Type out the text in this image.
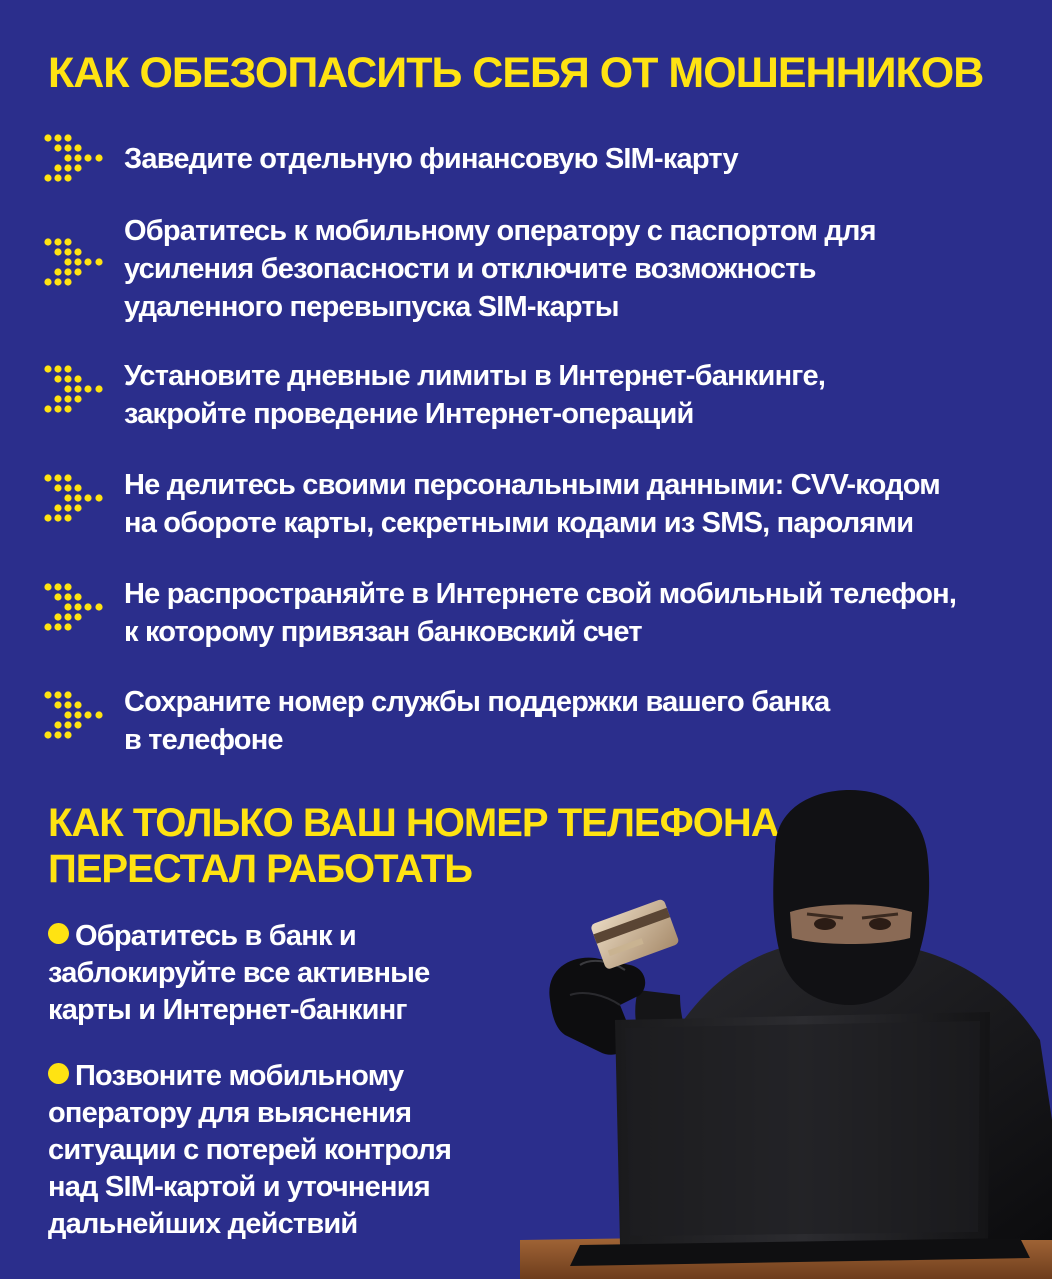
КАК ОБЕЗОПАСИТЬ СЕБЯ ОТ МОШЕННИКОВ
Заведите отдельную финансовую SIM-карту
Обратитесь к мобильному оператору с паспортом для
усиления безопасности и отключите возможность
удаленного перевыпуска SIM-карты
Установите дневные лимиты в Интернет-банкинге,
закройте проведение Интернет-операций
Не делитесь своими персональными данными: CVV-кодом
на обороте карты, секретными кодами из SMS, паролями
Не распространяйте в Интернете свой мобильный телефон,
к которому привязан банковский счет
Сохраните номер службы поддержки вашего банка
в телефоне
КАК ТОЛЬКО ВАШ НОМЕР ТЕЛЕФОНА
ПЕРЕСТАЛ РАБОТАТЬ
Обратитесь в банк и
заблокируйте все активные
карты и Интернет-банкинг
Позвоните мобильному
оператору для выяснения
ситуации с потерей контроля
над SIM-картой и уточнения
дальнейших действий
